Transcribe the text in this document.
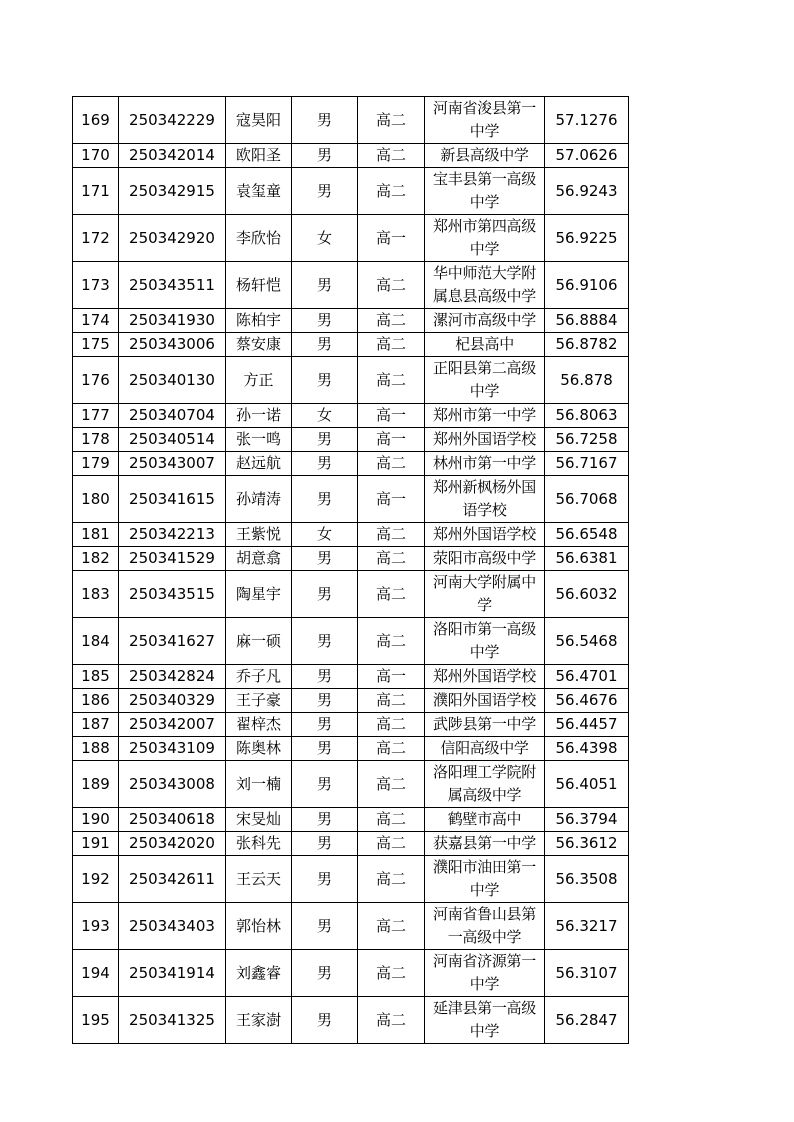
169	250342229	寇昊阳	男	高二	河南省浚县第一中学	57.1276
170	250342014	欧阳圣	男	高二	新县高级中学	57.0626
171	250342915	袁玺童	男	高二	宝丰县第一高级中学	56.9243
172	250342920	李欣怡	女	高一	郑州市第四高级中学	56.9225
173	250343511	杨轩恺	男	高二	华中师范大学附属息县高级中学	56.9106
174	250341930	陈柏宇	男	高二	漯河市高级中学	56.8884
175	250343006	蔡安康	男	高二	杞县高中	56.8782
176	250340130	方正	男	高二	正阳县第二高级中学	56.878
177	250340704	孙一诺	女	高一	郑州市第一中学	56.8063
178	250340514	张一鸣	男	高一	郑州外国语学校	56.7258
179	250343007	赵远航	男	高二	林州市第一中学	56.7167
180	250341615	孙靖涛	男	高一	郑州新枫杨外国语学校	56.7068
181	250342213	王紫悦	女	高二	郑州外国语学校	56.6548
182	250341529	胡意翕	男	高二	荥阳市高级中学	56.6381
183	250343515	陶星宇	男	高二	河南大学附属中学	56.6032
184	250341627	麻一硕	男	高二	洛阳市第一高级中学	56.5468
185	250342824	乔子凡	男	高一	郑州外国语学校	56.4701
186	250340329	王子豪	男	高二	濮阳外国语学校	56.4676
187	250342007	翟梓杰	男	高二	武陟县第一中学	56.4457
188	250343109	陈奥林	男	高二	信阳高级中学	56.4398
189	250343008	刘一楠	男	高二	洛阳理工学院附属高级中学	56.4051
190	250340618	宋旻灿	男	高二	鹤壁市高中	56.3794
191	250342020	张科先	男	高二	获嘉县第一中学	56.3612
192	250342611	王云天	男	高二	濮阳市油田第一中学	56.3508
193	250343403	郭怡林	男	高二	河南省鲁山县第一高级中学	56.3217
194	250341914	刘鑫睿	男	高二	河南省济源第一中学	56.3107
195	250341325	王家澍	男	高二	延津县第一高级中学	56.2847
